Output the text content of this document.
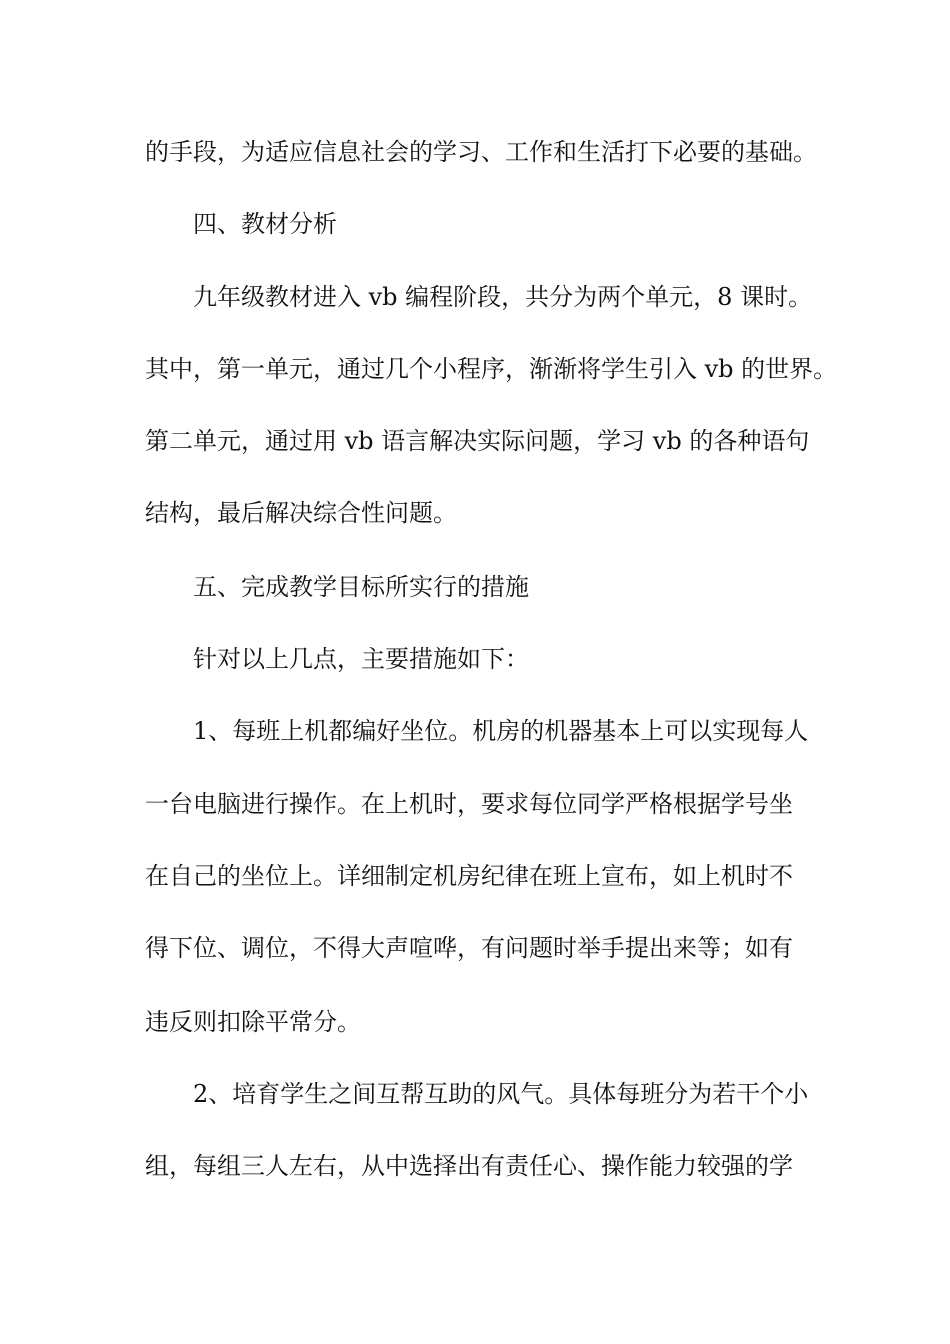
的手段，为适应信息社会的学习、工作和生活打下必要的基础。
四、教材分析
九年级教材进入 vb 编程阶段，共分为两个单元，8 课时。
其中，第一单元，通过几个小程序，渐渐将学生引入 vb 的世界。
第二单元，通过用 vb 语言解决实际问题，学习 vb 的各种语句
结构，最后解决综合性问题。
五、完成教学目标所实行的措施
针对以上几点，主要措施如下：
1、每班上机都编好坐位。机房的机器基本上可以实现每人
一台电脑进行操作。在上机时，要求每位同学严格根据学号坐
在自己的坐位上。详细制定机房纪律在班上宣布，如上机时不
得下位、调位，不得大声喧哗，有问题时举手提出来等；如有
违反则扣除平常分。
2、培育学生之间互帮互助的风气。具体每班分为若干个小
组，每组三人左右，从中选择出有责任心、操作能力较强的学
